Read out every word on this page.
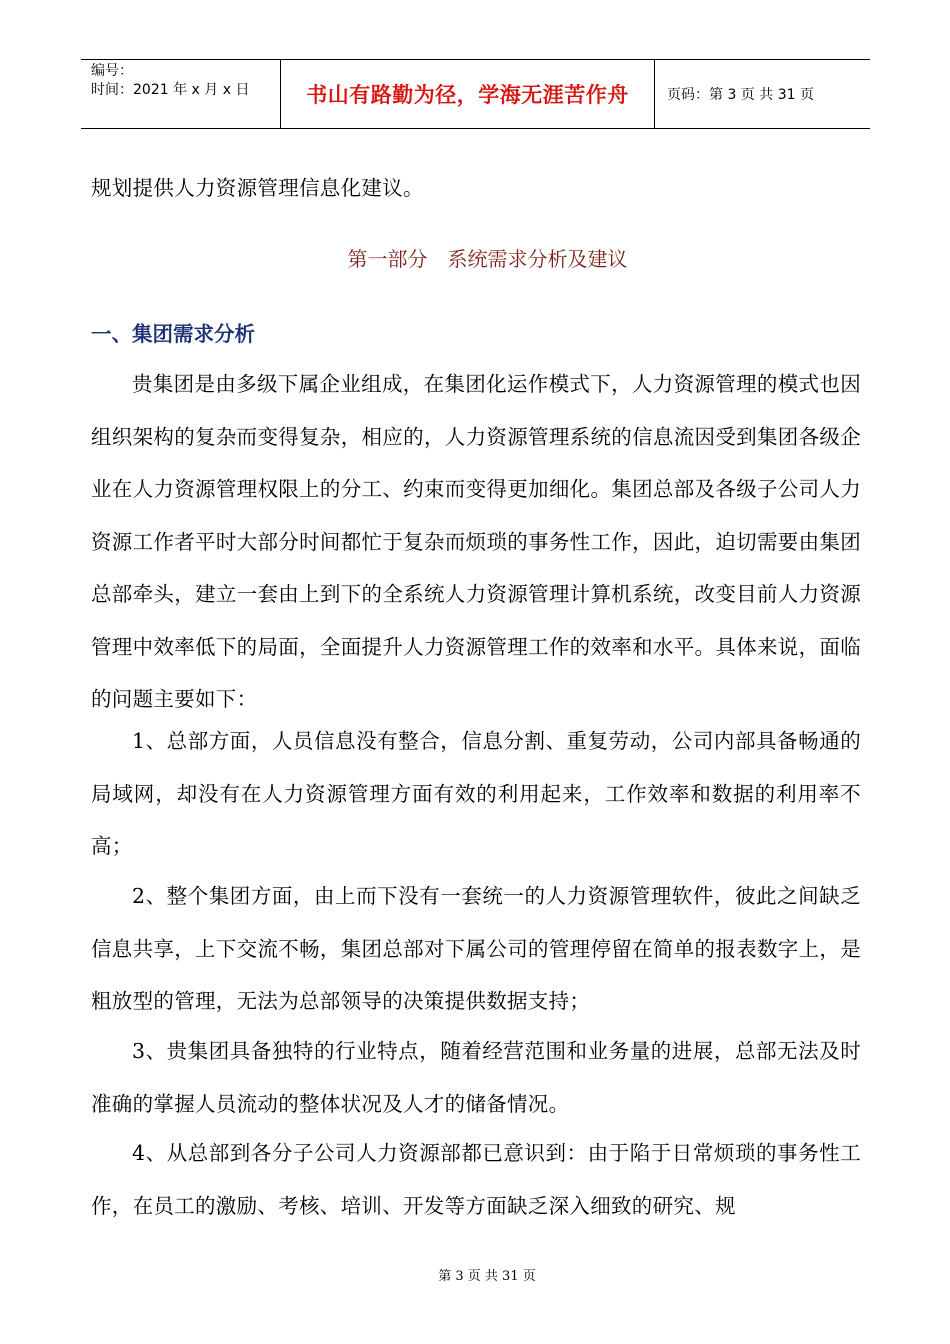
编号：
时间：2021 年 x 月 x 日	书山有路勤为径，学海无涯苦作舟	页码：第 3 页 共 31 页

规划提供人力资源管理信息化建议。

第一部分　系统需求分析及建议

一、集团需求分析

贵集团是由多级下属企业组成，在集团化运作模式下，人力资源管理的模式也因组织架构的复杂而变得复杂，相应的，人力资源管理系统的信息流因受到集团各级企业在人力资源管理权限上的分工、约束而变得更加细化。集团总部及各级子公司人力资源工作者平时大部分时间都忙于复杂而烦琐的事务性工作，因此，迫切需要由集团总部牵头，建立一套由上到下的全系统人力资源管理计算机系统，改变目前人力资源管理中效率低下的局面，全面提升人力资源管理工作的效率和水平。具体来说，面临的问题主要如下：

1、总部方面，人员信息没有整合，信息分割、重复劳动，公司内部具备畅通的局域网，却没有在人力资源管理方面有效的利用起来，工作效率和数据的利用率不高；

2、整个集团方面，由上而下没有一套统一的人力资源管理软件，彼此之间缺乏信息共享，上下交流不畅，集团总部对下属公司的管理停留在简单的报表数字上，是粗放型的管理，无法为总部领导的决策提供数据支持；

3、贵集团具备独特的行业特点，随着经营范围和业务量的进展，总部无法及时准确的掌握人员流动的整体状况及人才的储备情况。

4、从总部到各分子公司人力资源部都已意识到：由于陷于日常烦琐的事务性工作，在员工的激励、考核、培训、开发等方面缺乏深入细致的研究、规

第 3 页 共 31 页
